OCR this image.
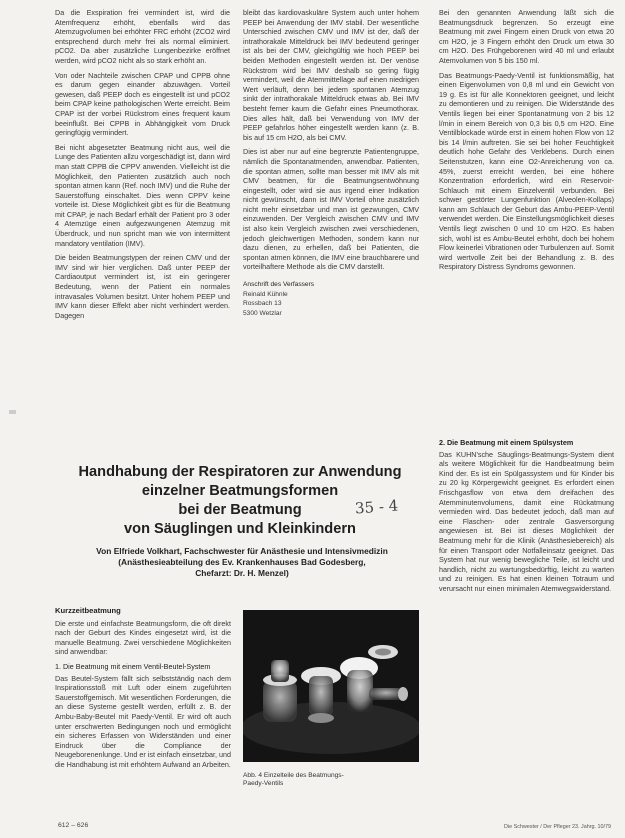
Da die Exspiration frei vermindert ist, wird die Atemfrequenz erhöht, ebenfalls wird das Atemzugvolumen bei erhöhter FRC erhöht (ZCO2 wird entsprechend durch mehr frei als normal eliminiert. pCO2. Da aber zusätzliche Lungenbezirke eröffnet werden, wird pCO2 nicht als so stark erhöht an.

Von oder Nachteile zwischen CPAP und CPPB ohne es darum gegen einander abzuwägen. Vorteil gewesen, daß PEEP doch es eingestellt ist und pCO2 beim CPAP keine pathologischen Werte erreicht. Beim CPAP ist der vorbei Rückstrom eines frequent kaum beeinflußt. Bei CPPB in Abhängigkeit vom Druck geringfügig vermindert.

Bei nicht abgesetzter Beatmung nicht aus, weil die Lunge des Patienten allzu vorgeschädigt ist, dann wird man statt CPPB die CPPV anwenden. Vielleicht ist die Möglichkeit, den Patienten zusätzlich auch noch spontan atmen kann (Ref. noch IMV) und die Ruhe der Sauerstoffung einschaltet. Dies wenn CPPV keine vorteile ist. Diese Möglichkeit gibt es für die Beatmung mit CPAP, je nach Bedarf erhält der Patient pro 3 oder 4 Atemzüge einen aufgezwungenen Atemzug mit Überdruck, und nun spricht man wie von intermittent mandatory ventilation (IMV).

Die beiden Beatmungstypen der reinen CMV und der IMV sind wir hier verglichen. Daß unter PEEP der Cardiaoutput vermindert ist, ist ein geringerer Bedeutung, wenn der Patient ein normales intravasales Volumen besitzt. Unter hohem PEEP und IMV kann dieser Effekt aber nicht verhindert werden. Dagegen

bleibt das kardiovaskuläre System auch unter hohem PEEP bei Anwendung der IMV stabil. Der wesentliche Unterschied zwischen CMV und IMV ist der, daß der intrathorakale Mitteldruck bei IMV bedeutend geringer ist als bei der CMV, gleichgültig wie hoch PEEP bei beiden Methoden eingestellt werden ist. Der venöse Rückstrom wird bei IMV deshalb so gering fügig vermindert, weil die Atemmittellage auf einen niedrigen Wert verläuft, denn bei jedem spontanen Atemzug sinkt der intrathorakale Mitteldruck etwas ab. Bei IMV besteht ferner kaum die Gefahr eines Pneumothorax. Dies alles hält, daß bei Verwendung von IMV der PEEP gefahrlos höher eingestellt werden kann (z. B. bis auf 15 cm H2O, als bei CMV.

Dies ist aber nur auf eine begrenzte Patientengruppe, nämlich die Spontanatmenden, anwendbar. Patienten, die spontan atmen, sollte man besser mit IMV als mit CMV beatmen, für die Beatmungsentwöhnung eingestellt, oder wird sie aus irgend einer Indikation nicht gewünscht, dann ist IMV Vorteil ohne zusätzlich nicht mehr einsetzbar und man ist gezwungen, CMV einzuwenden. Der Vergleich zwischen CMV und IMV ist also kein Vergleich zwischen zwei verschiedenen, jedoch gleichwertigen Methoden, sondern kann nur dazu dienen, zu erhellen, daß bei Patienten, die spontan atmen können, die IMV eine brauchbarere und vorteilhaftere Methode als die CMV darstellt.

Anschrift des Verfassers

Reinald Kühnle

Rossbach 13

5300 Wetzlar

Bei den genannten Anwendung läßt sich die Beatmungsdruck begrenzen. So erzeugt eine Beatmung mit zwei Fingern einen Druck von etwa 20 cm H2O, je 3 Fingern erhöht den Druck um etwa 30 cm H2O. Des Frühgeborenen wird 40 ml und erlaubt Atemvolumen von 5 bis 150 ml.

Das Beatmungs-Paedy-Ventil ist funktionsmäßig, hat einen Eigenvolumen von 0,8 ml und ein Gewicht von 19 g. Es ist für alle Konnektoren geeignet, und leicht zu demontieren und zu reinigen. Die Widerstände des Ventils liegen bei einer Spontanatmung von 2 bis 12 l/min in einem Bereich von 0,3 bis 0,5 cm H2O. Eine Ventilblockade würde erst in einem hohen Flow von 12 bis 14 l/min auftreten. Sie sei bei hoher Feuchtigkeit deutlich hohe Gefahr des Verklebens. Durch einen Seitenstutzen, kann eine O2-Anreicherung von ca. 45%, zuerst erreicht werden, bei eine höhere Konzentration erforderlich, wird ein Reservoir-Schlauch mit einem Einzelventil verbunden. Bei schwer gestörter Lungenfunktion (Alveolen-Kollaps) kann am Schlauch der Geburt das Ambu-PEEP-Ventil verwendet werden. Die Einstellungsmöglichkeit dieses Ventils liegt zwischen 0 und 10 cm H2O. Es haben sich, wohl ist es Ambu-Beutel erhöht, doch bei hohem Flow keinerlei Vibrationen oder Turbulenzen auf. Somit wird wertvolle Zeit bei der Behandlung z. B. des Respiratory Distress Syndroms gewonnen.

2. Die Beatmung mit einem Spülsystem

Das KUHN'sche Säuglings-Beatmungs-System dient als weitere Möglichkeit für die Handbeatmung beim Kind der. Es ist ein Spülgassystem und für Kinder bis zu 20 kg Körpergewicht geeignet. Es erfordert einen Frischgasflow von etwa dem dreifachen des Atemminutenvolumens, damit eine Rückatmung vermieden wird. Das bedeutet jedoch, daß man auf eine Flaschen- oder zentrale Gasversorgung angewiesen ist. Bei ist dieses Möglichkeit der Beatmung mehr für die Klinik (Anästhesiebereich) als für einen Transport oder Notfalleinsatz geeignet. Das System hat nur wenig bewegliche Teile, ist leicht und handlich, nicht zu wartungsbedürftig, leicht zu warten und zu reinigen. Es hat einen kleinen Totraum und verursacht nur einen minimalen Atemwegswiderstand.

Handhabung der Respiratoren zur Anwendung
einzelner Beatmungsformen
bei der Beatmung
von Säuglingen und Kleinkindern
35 - 4
Von Elfriede Volkhart, Fachschwester für Anästhesie und Intensivmedizin
(Anästhesieabteilung des Ev. Krankenhauses Bad Godesberg,
Chefarzt: Dr. H. Menzel)
Kurzzeitbeatmung

Die erste und einfachste Beatmungsform, die oft direkt nach der Geburt des Kindes eingesetzt wird, ist die manuelle Beatmung. Zwei verschiedene Möglichkeiten sind anwendbar:

1. Die Beatmung mit einem Ventil-Beutel-System

Das Beutel-System fällt sich selbstständig nach dem Inspirationsstoß mit Luft oder einem zugeführten Sauerstoffgemisch. Mit wesentlichen Forderungen, die an diese Systeme gestellt werden, erfüllt z. B. der Ambu-Baby-Beutel mit Paedy-Ventil. Er wird oft auch unter erschwerten Bedingungen noch und ermöglicht ein sicheres Erfassen von Widerständen und einer Eindruck über die Compliance der Neugeborenenlunge. Und er ist einfach einsetzbar, und die Handhabung ist mit erhöhtem Aufwand an Arbeiten.

Abb. 4 Einzelteile des Beatmungs-Paedy-Ventils
612 – 626	Die Schwester / Der Pfleger 23. Jahrg. 10/79
